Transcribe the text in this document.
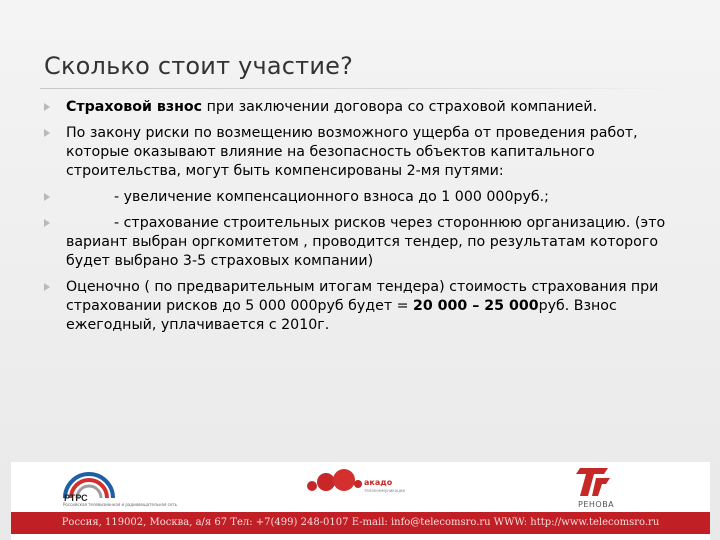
Сколько стоит участие?
Страховой взнос при заключении договора со страховой компанией.
По закону риски по возмещению возможного ущерба от проведения работ, которые оказывают влияние на безопасность объектов капитального строительства, могут быть компенсированы 2-мя путями:
- увеличение компенсационного взноса до 1 000 000руб.;
- страхование строительных рисков через стороннюю организацию. (это вариант выбран оргкомитетом , проводится тендер, по результатам которого будет выбрано 3-5 страховых компании)
Оценочно ( по предварительным итогам тендера) стоимость страхования при страховании рисков до 5 000 000руб будет = 20 000 – 25 000руб. Взнос ежегодный, уплачивается с 2010г.
РТРС
Российская телевизионная и радиовещательная сеть
акадо
телекоммуникации
РЕНОВА
Россия, 119002, Москва, а/я 67 Тел: +7(499) 248-0107 E-mail: info@telecomsro.ru WWW: http://www.telecomsro.ru
